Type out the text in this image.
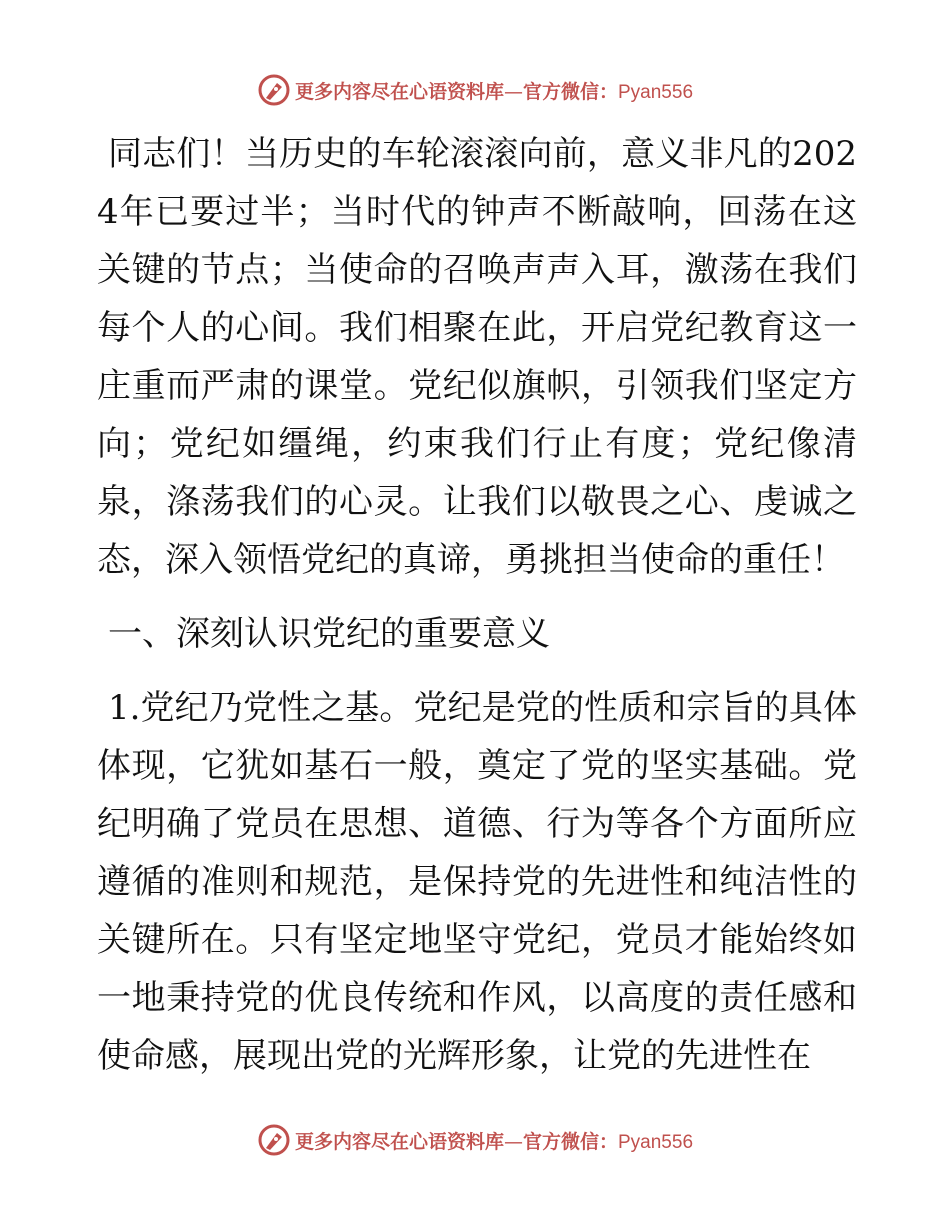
更多内容尽在心语资料库—官方微信：Pyan556

同志们！当历史的车轮滚滚向前，意义非凡的2024年已要过半；当时代的钟声不断敲响，回荡在这关键的节点；当使命的召唤声声入耳，激荡在我们每个人的心间。我们相聚在此，开启党纪教育这一庄重而严肃的课堂。党纪似旗帜，引领我们坚定方向；党纪如缰绳，约束我们行止有度；党纪像清泉，涤荡我们的心灵。让我们以敬畏之心、虔诚之态，深入领悟党纪的真谛，勇挑担当使命的重任！

一、深刻认识党纪的重要意义

1.党纪乃党性之基。党纪是党的性质和宗旨的具体体现，它犹如基石一般，奠定了党的坚实基础。党纪明确了党员在思想、道德、行为等各个方面所应遵循的准则和规范，是保持党的先进性和纯洁性的关键所在。只有坚定地坚守党纪，党员才能始终如一地秉持党的优良传统和作风，以高度的责任感和使命感，展现出党的光辉形象，让党的先进性在

更多内容尽在心语资料库—官方微信：Pyan556
